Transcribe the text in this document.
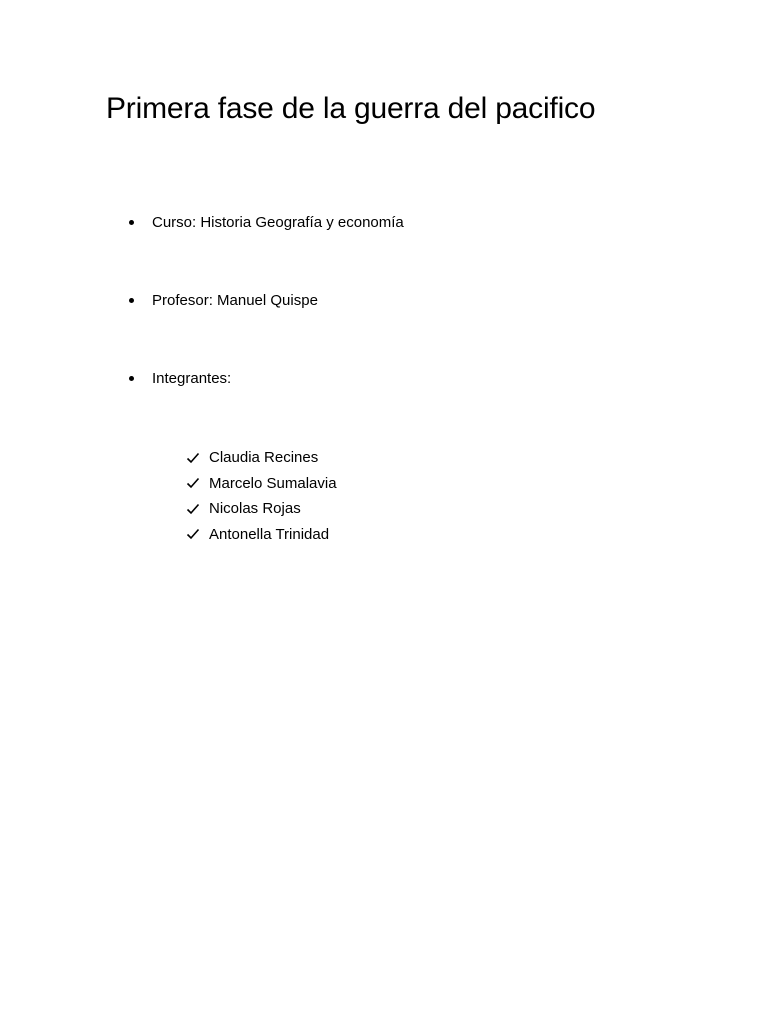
Primera fase de la guerra del pacifico
Curso: Historia Geografía y economía
Profesor: Manuel Quispe
Integrantes:
Claudia Recines
Marcelo Sumalavia
Nicolas Rojas
Antonella Trinidad
